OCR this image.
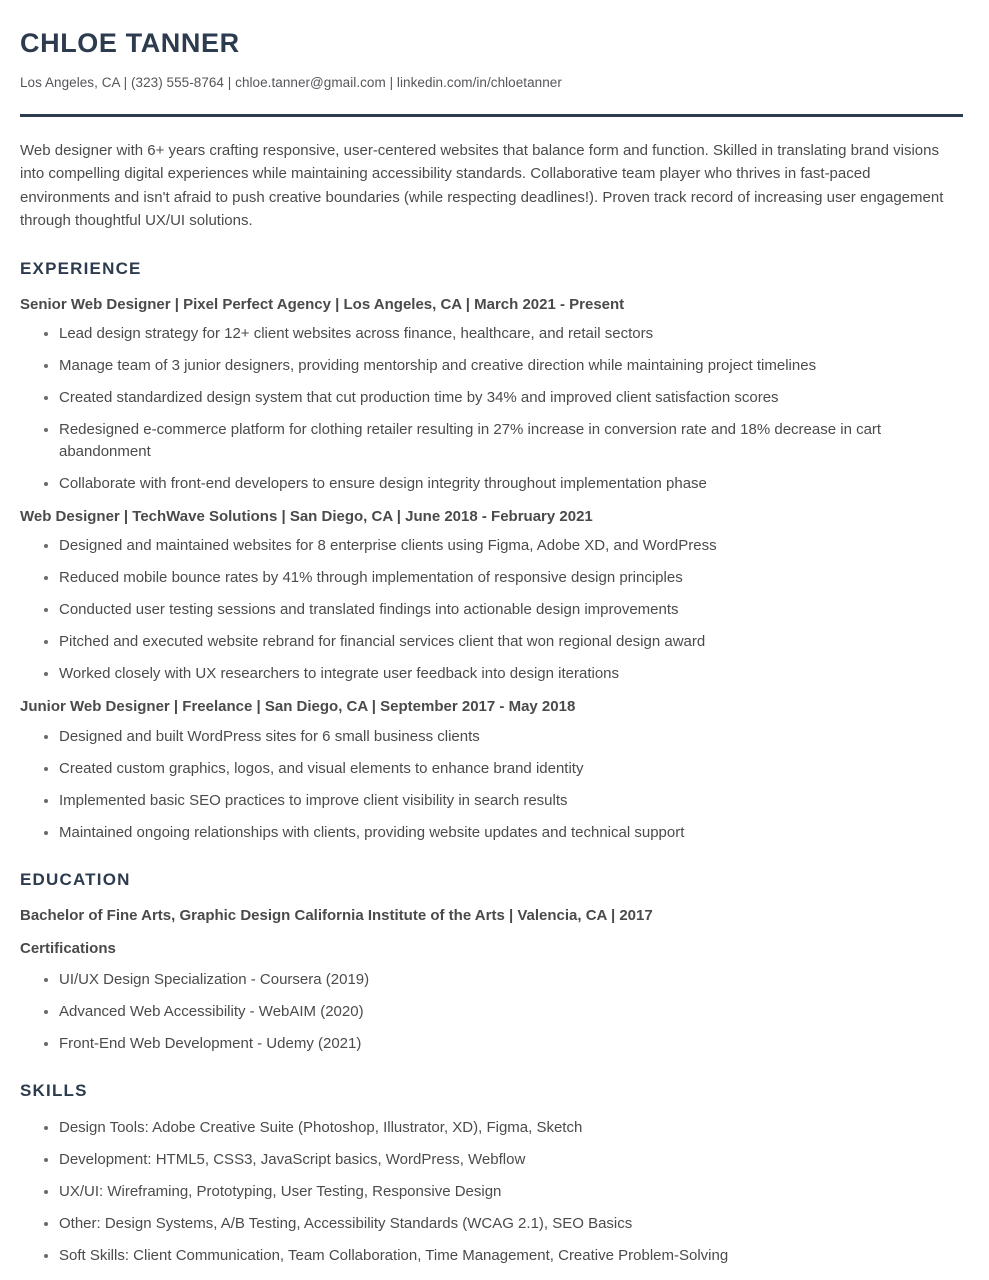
CHLOE TANNER
Los Angeles, CA | (323) 555-8764 | chloe.tanner@gmail.com | linkedin.com/in/chloetanner

Web designer with 6+ years crafting responsive, user-centered websites that balance form and function. Skilled in translating brand visions into compelling digital experiences while maintaining accessibility standards. Collaborative team player who thrives in fast-paced environments and isn't afraid to push creative boundaries (while respecting deadlines!). Proven track record of increasing user engagement through thoughtful UX/UI solutions.

EXPERIENCE
Senior Web Designer | Pixel Perfect Agency | Los Angeles, CA | March 2021 - Present
Lead design strategy for 12+ client websites across finance, healthcare, and retail sectors
Manage team of 3 junior designers, providing mentorship and creative direction while maintaining project timelines
Created standardized design system that cut production time by 34% and improved client satisfaction scores
Redesigned e-commerce platform for clothing retailer resulting in 27% increase in conversion rate and 18% decrease in cart abandonment
Collaborate with front-end developers to ensure design integrity throughout implementation phase
Web Designer | TechWave Solutions | San Diego, CA | June 2018 - February 2021
Designed and maintained websites for 8 enterprise clients using Figma, Adobe XD, and WordPress
Reduced mobile bounce rates by 41% through implementation of responsive design principles
Conducted user testing sessions and translated findings into actionable design improvements
Pitched and executed website rebrand for financial services client that won regional design award
Worked closely with UX researchers to integrate user feedback into design iterations
Junior Web Designer | Freelance | San Diego, CA | September 2017 - May 2018
Designed and built WordPress sites for 6 small business clients
Created custom graphics, logos, and visual elements to enhance brand identity
Implemented basic SEO practices to improve client visibility in search results
Maintained ongoing relationships with clients, providing website updates and technical support
EDUCATION

Bachelor of Fine Arts, Graphic Design California Institute of the Arts | Valencia, CA | 2017

Certifications
UI/UX Design Specialization - Coursera (2019)
Advanced Web Accessibility - WebAIM (2020)
Front-End Web Development - Udemy (2021)
SKILLS
Design Tools: Adobe Creative Suite (Photoshop, Illustrator, XD), Figma, Sketch
Development: HTML5, CSS3, JavaScript basics, WordPress, Webflow
UX/UI: Wireframing, Prototyping, User Testing, Responsive Design
Other: Design Systems, A/B Testing, Accessibility Standards (WCAG 2.1), SEO Basics
Soft Skills: Client Communication, Team Collaboration, Time Management, Creative Problem-Solving
